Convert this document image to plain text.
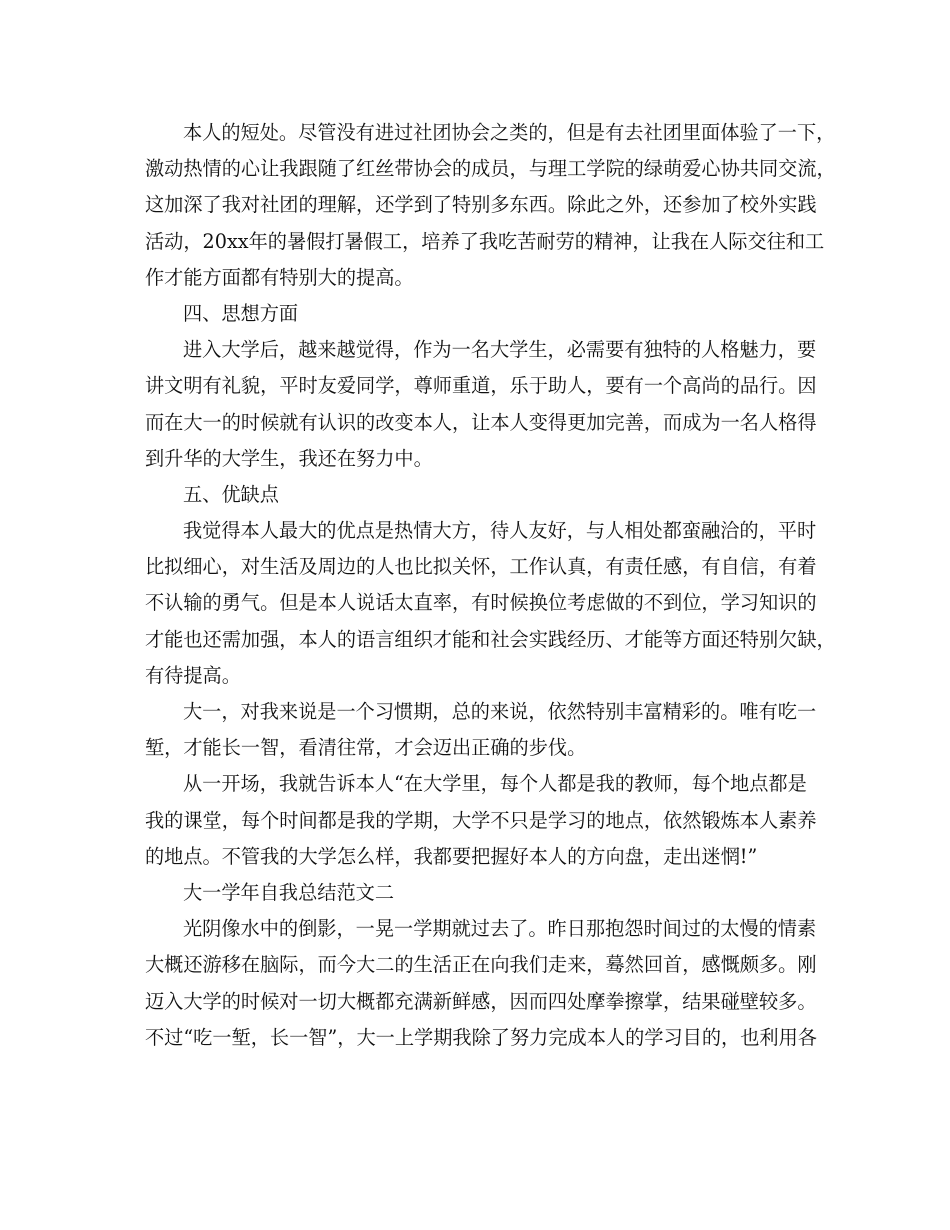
本人的短处。尽管没有进过社团协会之类的，但是有去社团里面体验了一下，
激动热情的心让我跟随了红丝带协会的成员，与理工学院的绿萌爱心协共同交流，
这加深了我对社团的理解，还学到了特别多东西。除此之外，还参加了校外实践
活动，20xx年的暑假打暑假工，培养了我吃苦耐劳的精神，让我在人际交往和工
作才能方面都有特别大的提高。
四、思想方面
进入大学后，越来越觉得，作为一名大学生，必需要有独特的人格魅力，要
讲文明有礼貌，平时友爱同学，尊师重道，乐于助人，要有一个高尚的品行。因
而在大一的时候就有认识的改变本人，让本人变得更加完善，而成为一名人格得
到升华的大学生，我还在努力中。
五、优缺点
我觉得本人最大的优点是热情大方，待人友好，与人相处都蛮融洽的，平时
比拟细心，对生活及周边的人也比拟关怀，工作认真，有责任感，有自信，有着
不认输的勇气。但是本人说话太直率，有时候换位考虑做的不到位，学习知识的
才能也还需加强，本人的语言组织才能和社会实践经历、才能等方面还特别欠缺，
有待提高。
大一，对我来说是一个习惯期，总的来说，依然特别丰富精彩的。唯有吃一
堑，才能长一智，看清往常，才会迈出正确的步伐。
从一开场，我就告诉本人“在大学里，每个人都是我的教师，每个地点都是
我的课堂，每个时间都是我的学期，大学不只是学习的地点，依然锻炼本人素养
的地点。不管我的大学怎么样，我都要把握好本人的方向盘，走出迷惘!”
大一学年自我总结范文二
光阴像水中的倒影，一晃一学期就过去了。昨日那抱怨时间过的太慢的情素
大概还游移在脑际，而今大二的生活正在向我们走来，蓦然回首，感慨颇多。刚
迈入大学的时候对一切大概都充满新鲜感，因而四处摩拳擦掌，结果碰壁较多。
不过“吃一堑，长一智”，大一上学期我除了努力完成本人的学习目的，也利用各
